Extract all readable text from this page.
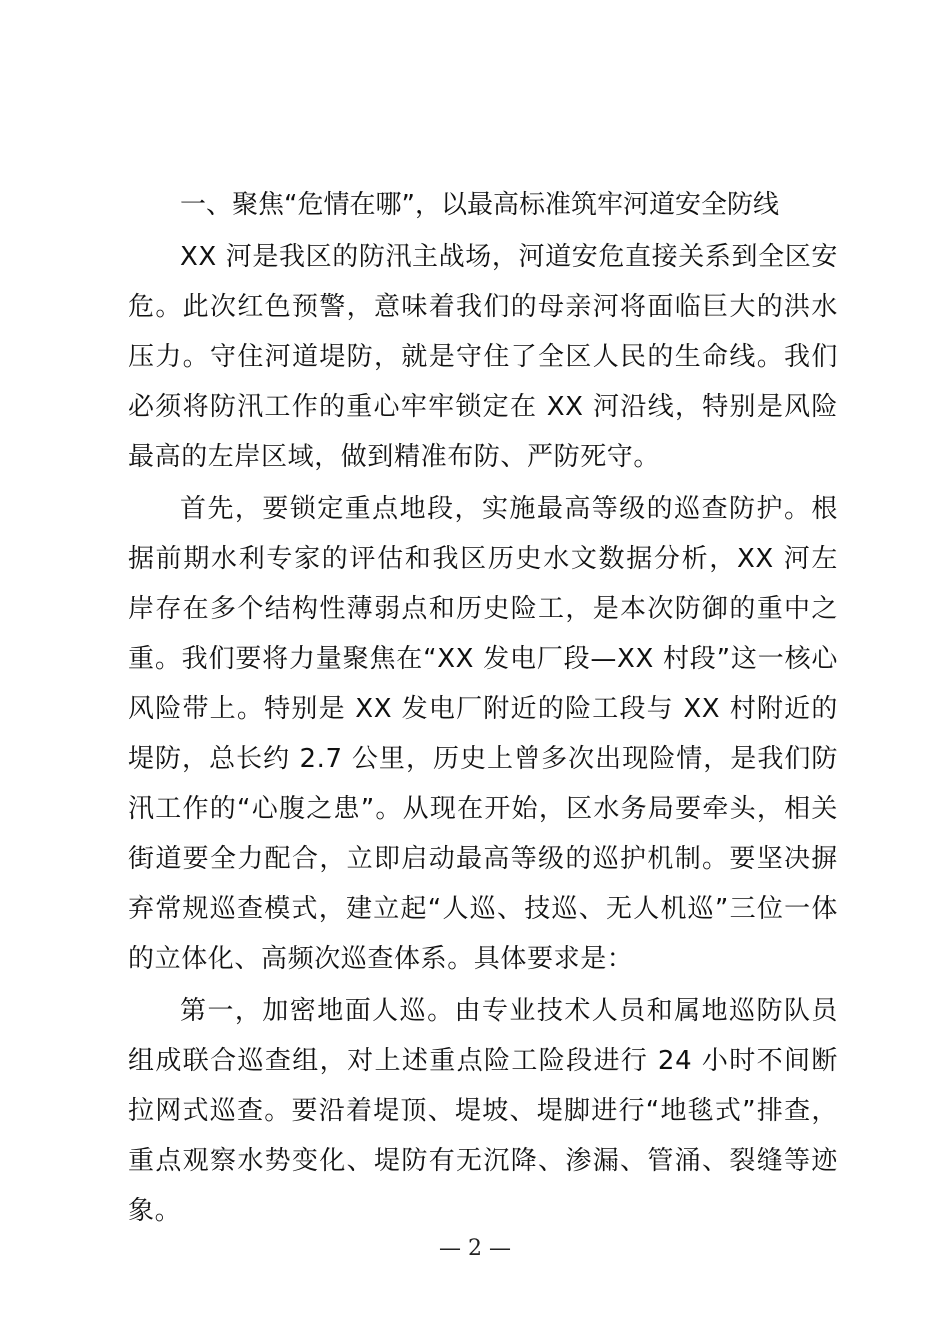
一、聚焦“危情在哪”，以最高标准筑牢河道安全防线

XX 河是我区的防汛主战场，河道安危直接关系到全区安危。此次红色预警，意味着我们的母亲河将面临巨大的洪水压力。守住河道堤防，就是守住了全区人民的生命线。我们必须将防汛工作的重心牢牢锁定在 XX 河沿线，特别是风险最高的左岸区域，做到精准布防、严防死守。

首先，要锁定重点地段，实施最高等级的巡查防护。根据前期水利专家的评估和我区历史水文数据分析，XX 河左岸存在多个结构性薄弱点和历史险工，是本次防御的重中之重。我们要将力量聚焦在“XX 发电厂段—XX 村段”这一核心风险带上。特别是 XX 发电厂附近的险工段与 XX 村附近的堤防，总长约 2.7 公里，历史上曾多次出现险情，是我们防汛工作的“心腹之患”。从现在开始，区水务局要牵头，相关街道要全力配合，立即启动最高等级的巡护机制。要坚决摒弃常规巡查模式，建立起“人巡、技巡、无人机巡”三位一体的立体化、高频次巡查体系。具体要求是：

第一，加密地面人巡。由专业技术人员和属地巡防队员组成联合巡查组，对上述重点险工险段进行 24 小时不间断拉网式巡查。要沿着堤顶、堤坡、堤脚进行“地毯式”排查，重点观察水势变化、堤防有无沉降、渗漏、管涌、裂缝等迹象。

— 2 —
